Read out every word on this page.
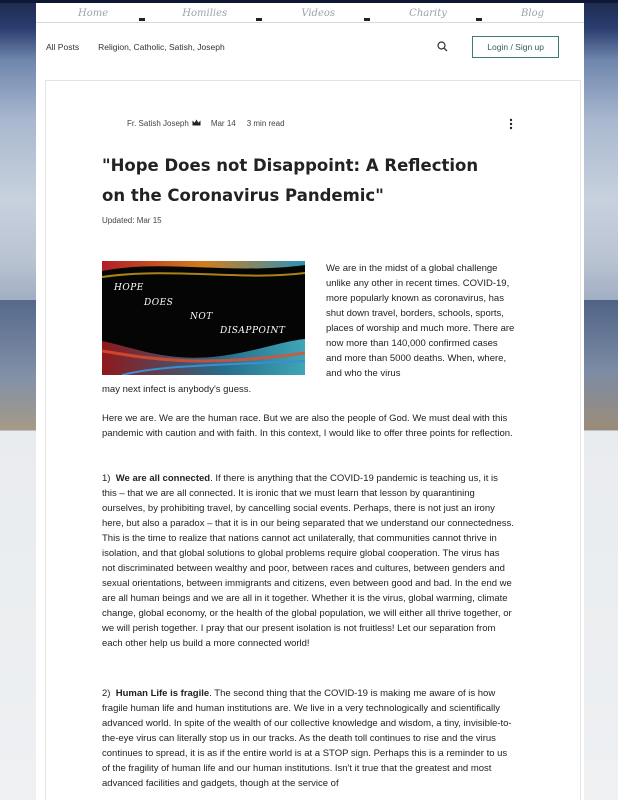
Home	Homilies	Videos	Charity	Blog
All Posts Religion, Catholic, Satish, Joseph	Login / Sign up
Fr. Satish Joseph	Mar 14 3 min read
"Hope Does not Disappoint: A Reflection on the Coronavirus Pandemic"
Updated: Mar 15
HOPE
DOES
NOT
DISAPPOINT

We are in the midst of a global challenge unlike any other in recent times. COVID-19, more popularly known as coronavirus, has shut down travel, borders, schools, sports, places of worship and much more. There are now more than 140,000 confirmed cases and more than 5000 deaths. When, where, and who the virus

may next infect is anybody's guess.

Here we are. We are the human race. But we are also the people of God. We must deal with this pandemic with caution and with faith. In this context, I would like to offer three points for reflection.

1) We are all connected. If there is anything that the COVID-19 pandemic is teaching us, it is this – that we are all connected. It is ironic that we must learn that lesson by quarantining ourselves, by prohibiting travel, by cancelling social events. Perhaps, there is not just an irony here, but also a paradox – that it is in our being separated that we understand our connectedness. This is the time to realize that nations cannot act unilaterally, that communities cannot thrive in isolation, and that global solutions to global problems require global cooperation. The virus has not discriminated between wealthy and poor, between races and cultures, between genders and sexual orientations, between immigrants and citizens, even between good and bad. In the end we are all human beings and we are all in it together. Whether it is the virus, global warming, climate change, global economy, or the health of the global population, we will either all thrive together, or we will perish together. I pray that our present isolation is not fruitless! Let our separation from each other help us build a more connected world!

2) Human Life is fragile. The second thing that the COVID-19 is making me aware of is how fragile human life and human institutions are. We live in a very technologically and scientifically advanced world. In spite of the wealth of our collective knowledge and wisdom, a tiny, invisible-to-the-eye virus can literally stop us in our tracks. As the death toll continues to rise and the virus continues to spread, it is as if the entire world is at a STOP sign. Perhaps this is a reminder to us of the fragility of human life and our human institutions. Isn't it true that the greatest and most advanced facilities and gadgets, though at the service of
